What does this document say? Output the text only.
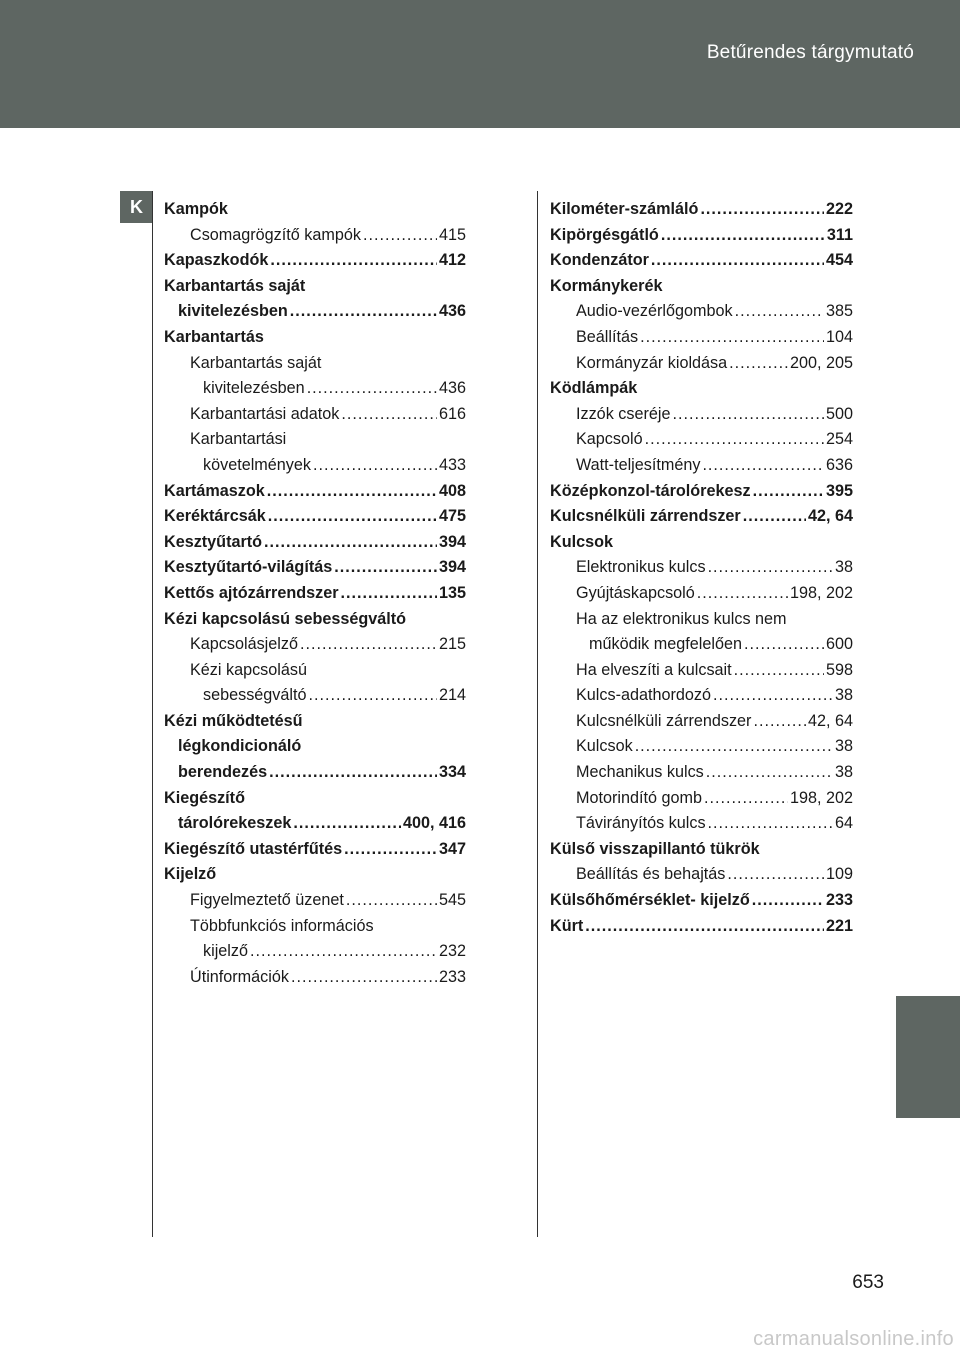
Betűrendes tárgymutató
K	Kampók
Csomagrögzítő kampók .....	415
Kapaszkodók .....	412
Karbantartás saját
kivitelezésben .....	436
Karbantartás
Karbantartás saját
kivitelezésben .....	436
Karbantartási adatok .....	616
Karbantartási
követelmények .....	433
Kartámaszok .....	408
Keréktárcsák .....	475
Kesztyűtartó .....	394
Kesztyűtartó-világítás .....	394
Kettős ajtózárrendszer .....	135
Kézi kapcsolású sebességváltó
Kapcsolásjelző .....	215
Kézi kapcsolású
sebességváltó .....	214
Kézi működtetésű
légkondicionáló
berendezés .....	334
Kiegészítő
tárolórekeszek .....	400, 416
Kiegészítő utastérfűtés .....	347
Kijelző
Figyelmeztető üzenet .....	545
Többfunkciós információs
kijelző .....	232
Útinformációk .....	233
Kilométer-számláló .....	222
Kipörgésgátló .....	311
Kondenzátor .....	454
Kormánykerék
Audio-vezérlőgombok .....	385
Beállítás .....	104
Kormányzár kioldása .....	200, 205
Ködlámpák
Izzók cseréje .....	500
Kapcsoló .....	254
Watt-teljesítmény .....	636
Középkonzol-tárolórekesz .....	395
Kulcsnélküli zárrendszer .....	42, 64
Kulcsok
Elektronikus kulcs .....	38
Gyújtáskapcsoló .....	198, 202
Ha az elektronikus kulcs nem
működik megfelelően .....	600
Ha elveszíti a kulcsait .....	598
Kulcs-adathordozó .....	38
Kulcsnélküli zárrendszer .....	42, 64
Kulcsok .....	38
Mechanikus kulcs .....	38
Motorindító gomb .....	198, 202
Távirányítós kulcs .....	64
Külső visszapillantó tükrök
Beállítás és behajtás .....	109
Külsőhőmérséklet- kijelző .....	233
Kürt .....	221
653
carmanualsonline.info
